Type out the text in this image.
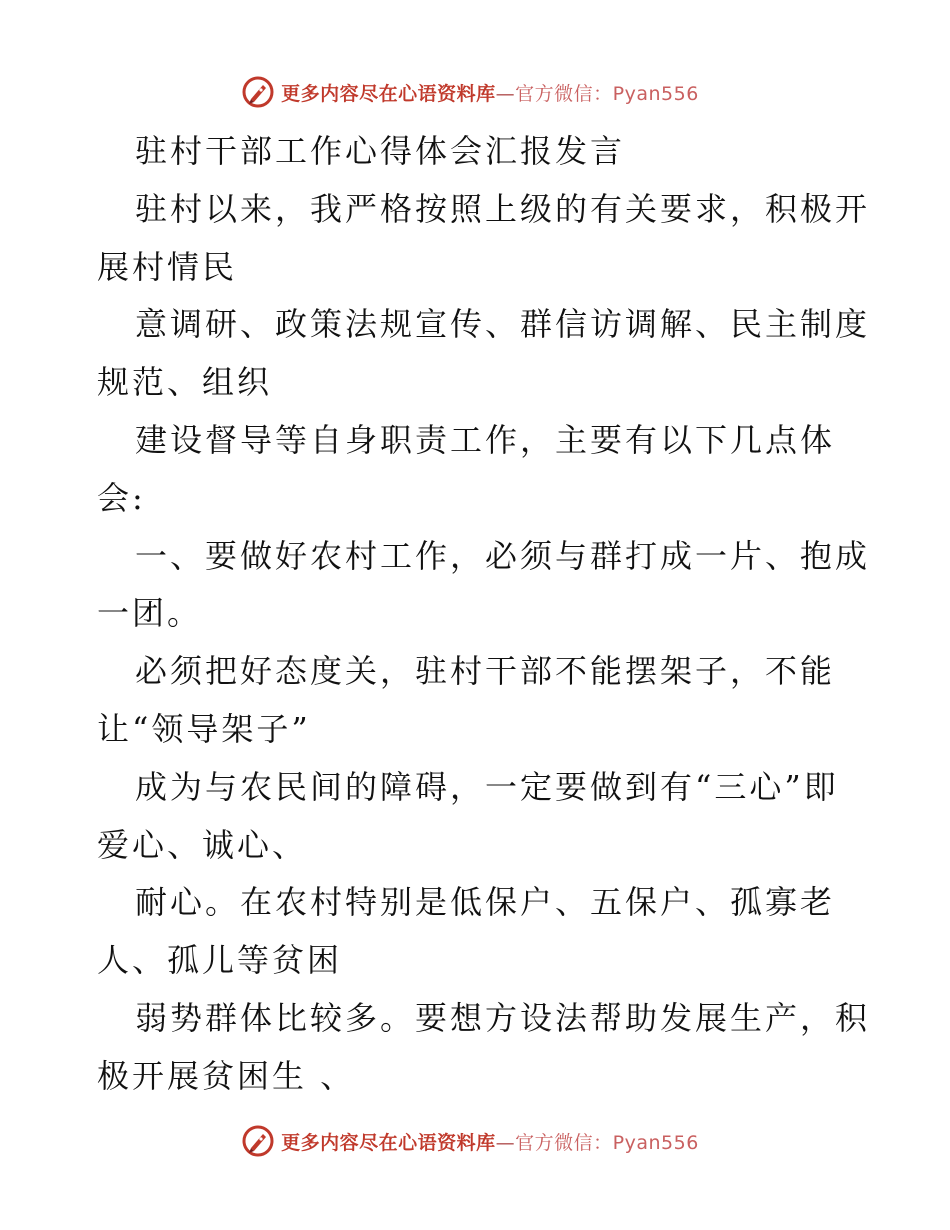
更多内容尽在心语资料库—官方微信：Pyan556
驻村干部工作心得体会汇报发言
驻村以来，我严格按照上级的有关要求，积极开
展村情民
意调研、政策法规宣传、群信访调解、民主制度
规范、组织
建设督导等自身职责工作，主要有以下几点体
会:
一、要做好农村工作，必须与群打成一片、抱成
一团。
必须把好态度关，驻村干部不能摆架子，不能
让“领导架子”
成为与农民间的障碍，一定要做到有“三心”即
爱心、诚心、
耐心。在农村特别是低保户、五保户、孤寡老
人、孤儿等贫困
弱势群体比较多。要想方设法帮助发展生产，积
极开展贫困生 、
更多内容尽在心语资料库—官方微信：Pyan556
